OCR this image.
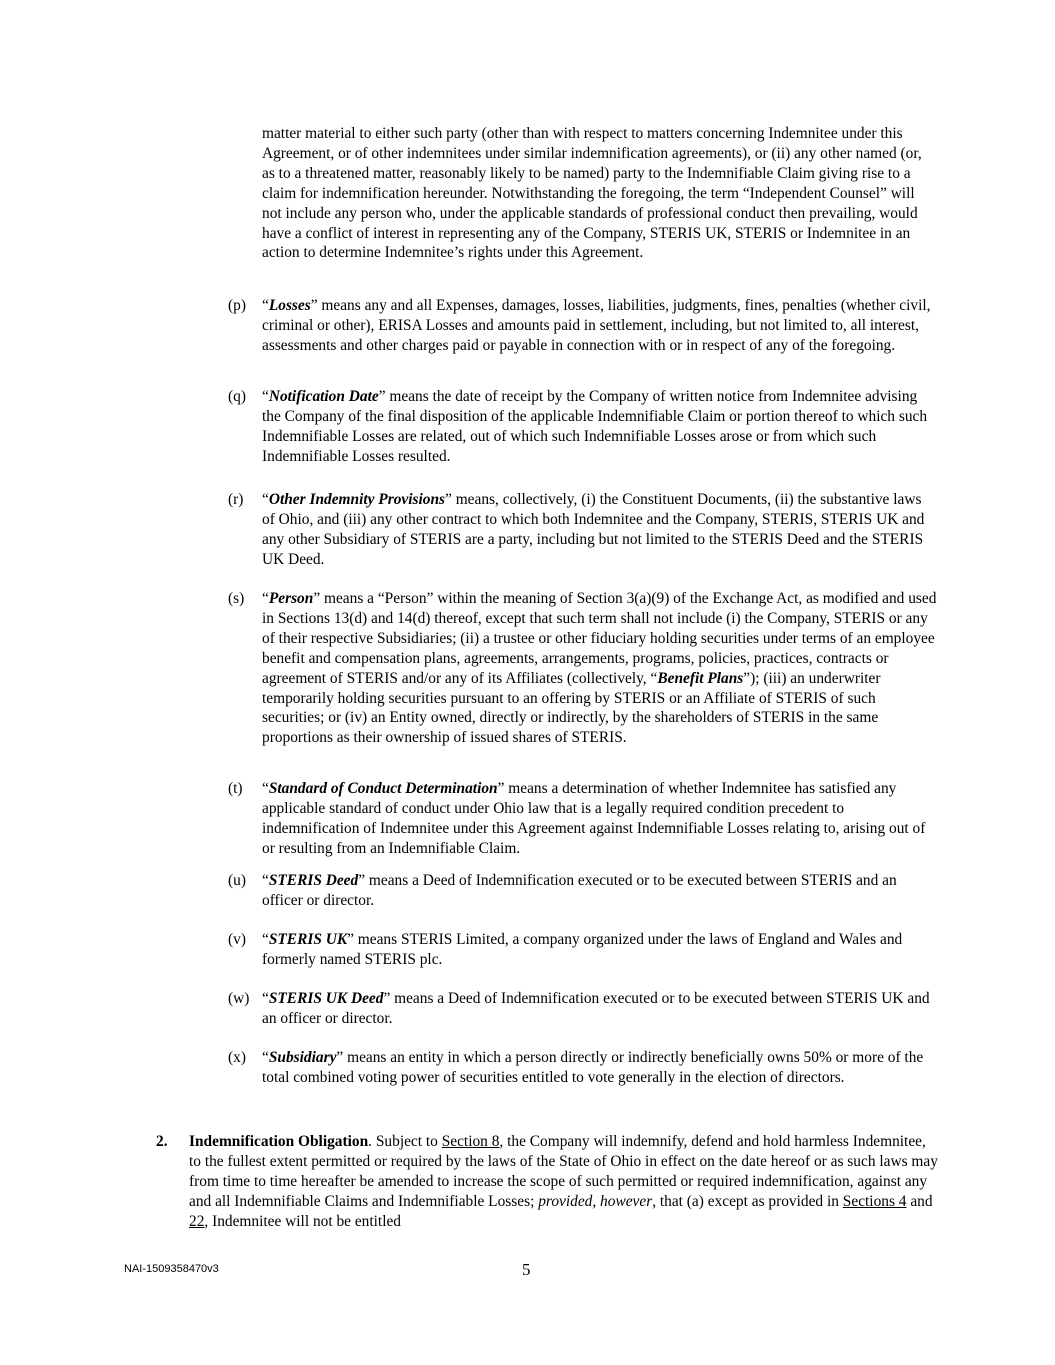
matter material to either such party (other than with respect to matters concerning Indemnitee under this Agreement, or of other indemnitees under similar indemnification agreements), or (ii) any other named (or, as to a threatened matter, reasonably likely to be named) party to the Indemnifiable Claim giving rise to a claim for indemnification hereunder. Notwithstanding the foregoing, the term “Independent Counsel” will not include any person who, under the applicable standards of professional conduct then prevailing, would have a conflict of interest in representing any of the Company, STERIS UK, STERIS or Indemnitee in an action to determine Indemnitee’s rights under this Agreement.

(p)	“Losses” means any and all Expenses, damages, losses, liabilities, judgments, fines, penalties (whether civil, criminal or other), ERISA Losses and amounts paid in settlement, including, but not limited to, all interest, assessments and other charges paid or payable in connection with or in respect of any of the foregoing.
(q)	“Notification Date” means the date of receipt by the Company of written notice from Indemnitee advising the Company of the final disposition of the applicable Indemnifiable Claim or portion thereof to which such Indemnifiable Losses are related, out of which such Indemnifiable Losses arose or from which such Indemnifiable Losses resulted.
(r)	“Other Indemnity Provisions” means, collectively, (i) the Constituent Documents, (ii) the substantive laws of Ohio, and (iii) any other contract to which both Indemnitee and the Company, STERIS, STERIS UK and any other Subsidiary of STERIS are a party, including but not limited to the STERIS Deed and the STERIS UK Deed.
(s)	“Person” means a “Person” within the meaning of Section 3(a)(9) of the Exchange Act, as modified and used in Sections 13(d) and 14(d) thereof, except that such term shall not include (i) the Company, STERIS or any of their respective Subsidiaries; (ii) a trustee or other fiduciary holding securities under terms of an employee benefit and compensation plans, agreements, arrangements, programs, policies, practices, contracts or agreement of STERIS and/or any of its Affiliates (collectively, “Benefit Plans”); (iii) an underwriter temporarily holding securities pursuant to an offering by STERIS or an Affiliate of STERIS of such securities; or (iv) an Entity owned, directly or indirectly, by the shareholders of STERIS in the same proportions as their ownership of issued shares of STERIS.
(t)	“Standard of Conduct Determination” means a determination of whether Indemnitee has satisfied any applicable standard of conduct under Ohio law that is a legally required condition precedent to indemnification of Indemnitee under this Agreement against Indemnifiable Losses relating to, arising out of or resulting from an Indemnifiable Claim.
(u)	“STERIS Deed” means a Deed of Indemnification executed or to be executed between STERIS and an officer or director.
(v)	“STERIS UK” means STERIS Limited, a company organized under the laws of England and Wales and formerly named STERIS plc.
(w) “STERIS UK Deed” means a Deed of Indemnification executed or to be executed between STERIS UK and an officer or director.
(x)	“Subsidiary” means an entity in which a person directly or indirectly beneficially owns 50% or more of the total combined voting power of securities entitled to vote generally in the election of directors.
2. Indemnification Obligation. Subject to Section 8, the Company will indemnify, defend and hold harmless Indemnitee, to the fullest extent permitted or required by the laws of the State of Ohio in effect on the date hereof or as such laws may from time to time hereafter be amended to increase the scope of such permitted or required indemnification, against any and all Indemnifiable Claims and Indemnifiable Losses; provided, however, that (a) except as provided in Sections 4 and 22, Indemnitee will not be entitled
NAI-1509358470v3	5
